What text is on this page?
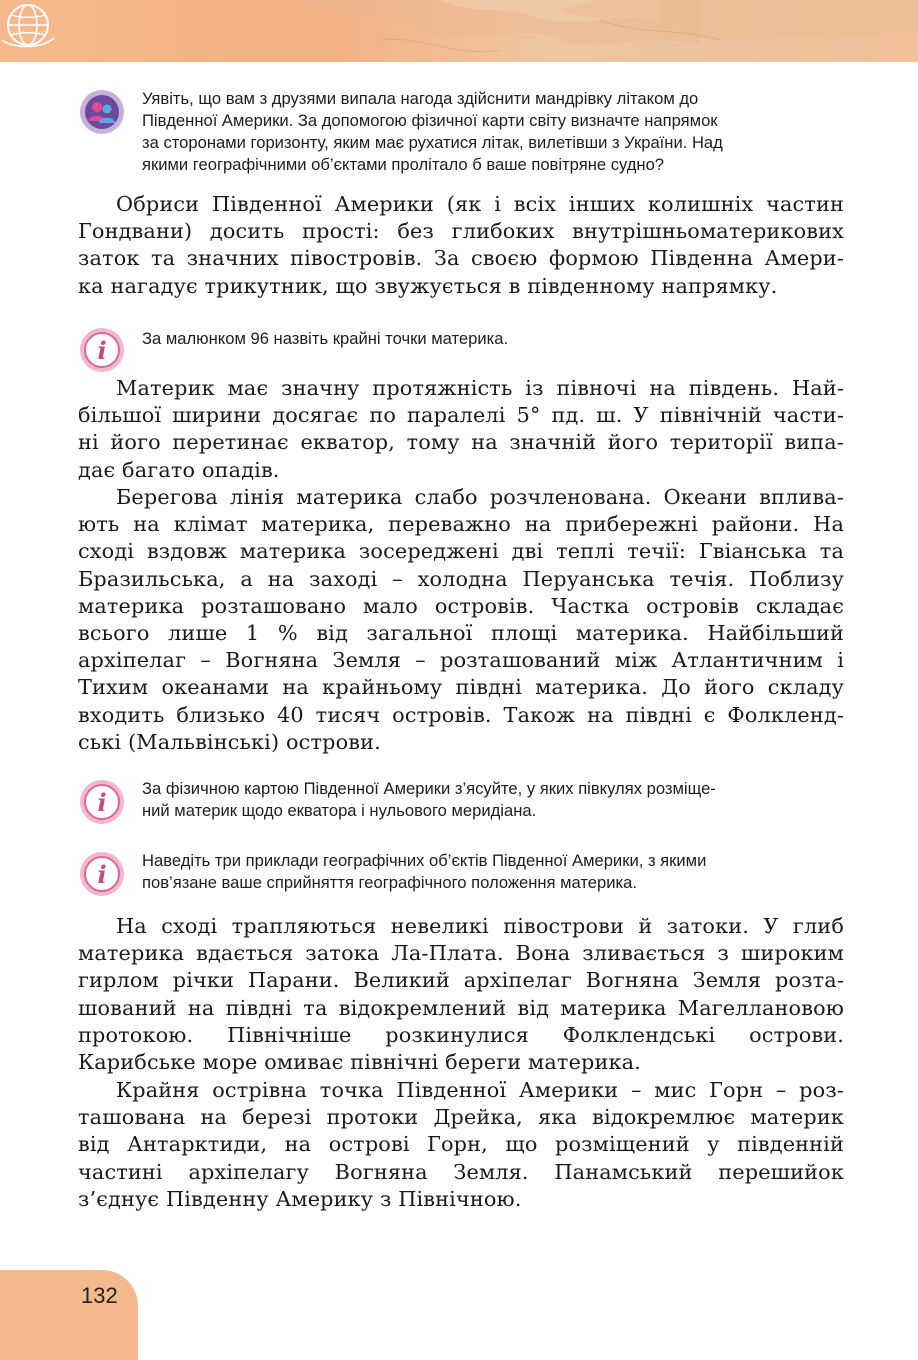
Уявіть, що вам з друзями випала нагода здійснити мандрівку літаком до
Південної Америки. За допомогою фізичної карти світу визначте напрямок
за сторонами горизонту, яким має рухатися літак, вилетівши з України. Над
якими географічними об’єктами пролітало б ваше повітряне судно?
Обриси Південної Америки (як і всіх інших колишніх частин
Гондвани) досить прості: без глибоких внутрішньоматерикових
заток та значних півостровів. За своєю формою Південна Амери-
ка нагадує трикутник, що звужується в південному напрямку.
i За малюнком 96 назвіть крайні точки материка.
Материк має значну протяжність із півночі на південь. Най-
більшої ширини досягає по паралелі 5° пд. ш. У північній части-
ні його перетинає екватор, тому на значній його території випа-
дає багато опадів.
Берегова лінія материка слабо розчленована. Океани вплива-
ють на клімат материка, переважно на прибережні райони. На
сході вздовж материка зосереджені дві теплі течії: Гвіанська та
Бразильська, а на заході – холодна Перуанська течія. Поблизу
материка розташовано мало островів. Частка островів складає
всього лише 1 % від загальної площі материка. Найбільший
архіпелаг – Вогняна Земля – розташований між Атлантичним і
Тихим океанами на крайньому півдні материка. До його складу
входить близько 40 тисяч островів. Також на півдні є Фолкленд-
ські (Мальвінські) острови.
i За фізичною картою Південної Америки з’ясуйте, у яких півкулях розміще-
ний материк щодо екватора і нульового меридіана.
i Наведіть три приклади географічних об’єктів Південної Америки, з якими
пов’язане ваше сприйняття географічного положення материка.
На сході трапляються невеликі півострови й затоки. У глиб
материка вдається затока Ла-Плата. Вона зливається з широким
гирлом річки Парани. Великий архіпелаг Вогняна Земля розта-
шований на півдні та відокремлений від материка Магеллановою
протокою. Північніше розкинулися Фолклендські острови.
Карибське море омиває північні береги материка.
Крайня острівна точка Південної Америки – мис Горн – роз-
ташована на березі протоки Дрейка, яка відокремлює материк
від Антарктиди, на острові Горн, що розміщений у південній
частині архіпелагу Вогняна Земля. Панамський перешийок
з’єднує Південну Америку з Північною.
132
